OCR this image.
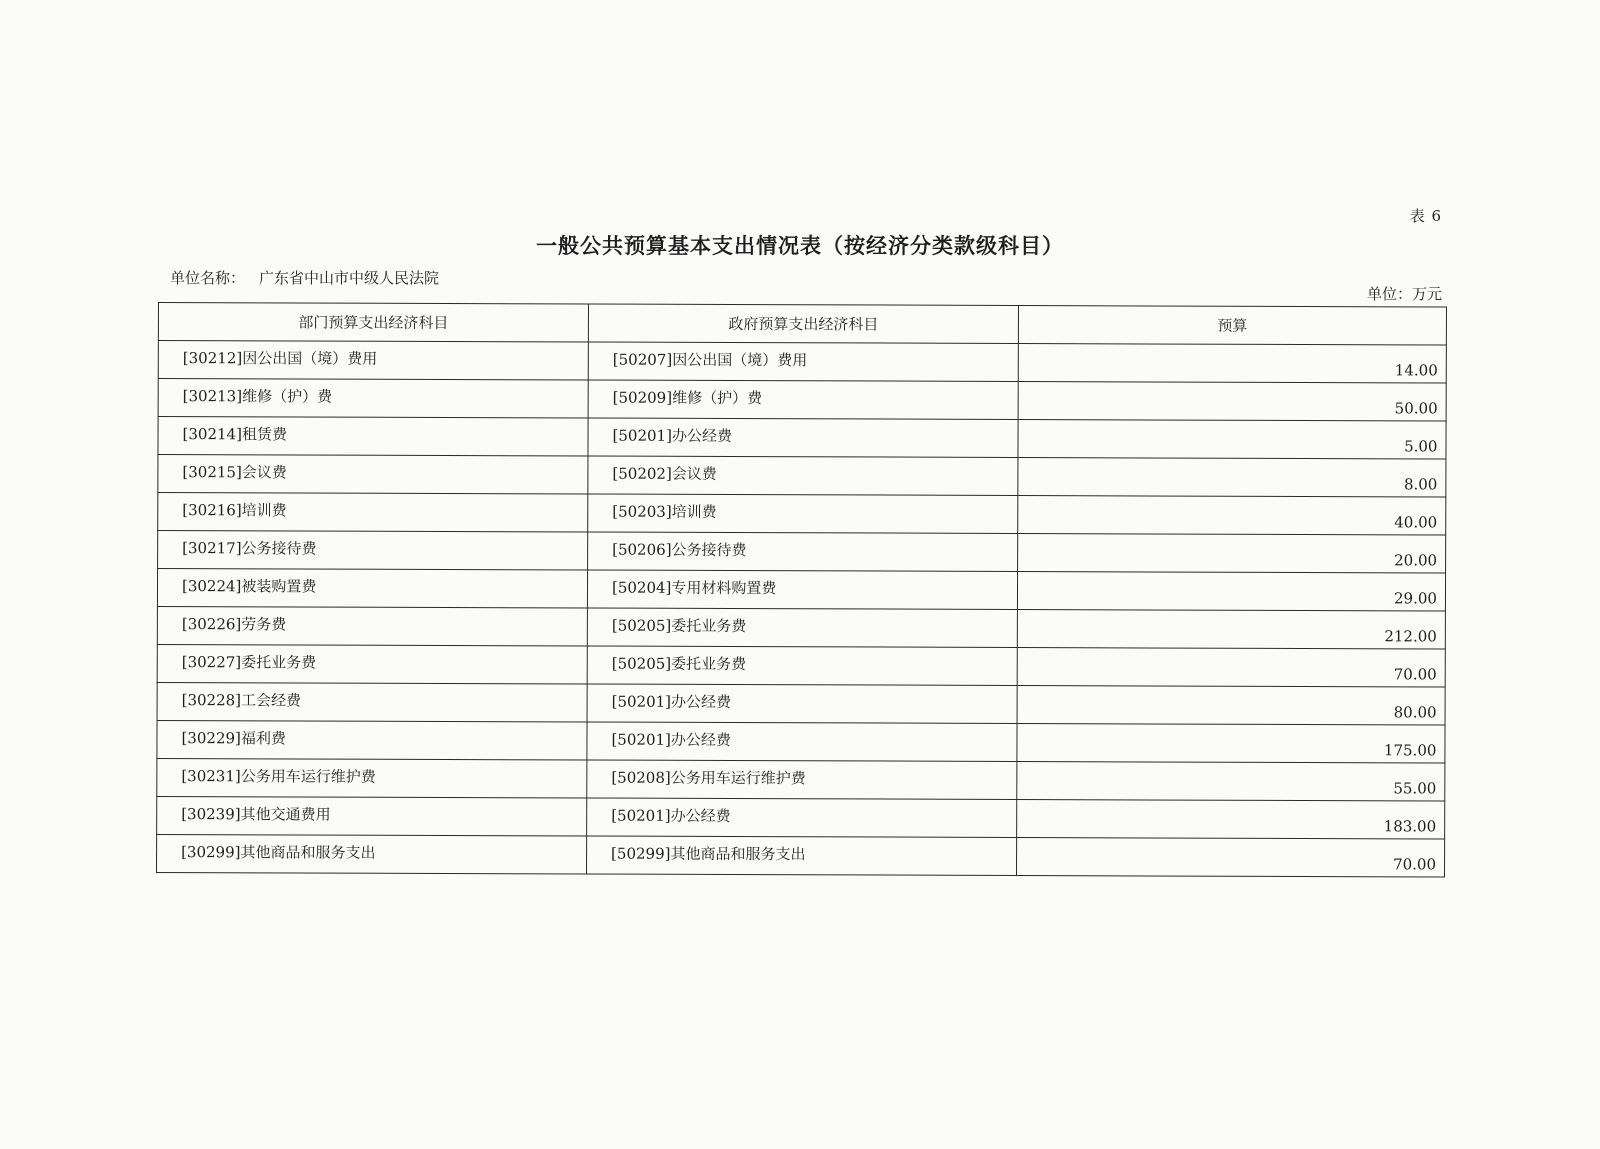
表 6
一般公共预算基本支出情况表（按经济分类款级科目）
单位名称： 广东省中山市中级人民法院
单位：万元
部门预算支出经济科目	政府预算支出经济科目	预算
[30212]因公出国（境）费用	[50207]因公出国（境）费用	14.00
[30213]维修（护）费	[50209]维修（护）费	50.00
[30214]租赁费	[50201]办公经费	5.00
[30215]会议费	[50202]会议费	8.00
[30216]培训费	[50203]培训费	40.00
[30217]公务接待费	[50206]公务接待费	20.00
[30224]被装购置费	[50204]专用材料购置费	29.00
[30226]劳务费	[50205]委托业务费	212.00
[30227]委托业务费	[50205]委托业务费	70.00
[30228]工会经费	[50201]办公经费	80.00
[30229]福利费	[50201]办公经费	175.00
[30231]公务用车运行维护费	[50208]公务用车运行维护费	55.00
[30239]其他交通费用	[50201]办公经费	183.00
[30299]其他商品和服务支出	[50299]其他商品和服务支出	70.00
